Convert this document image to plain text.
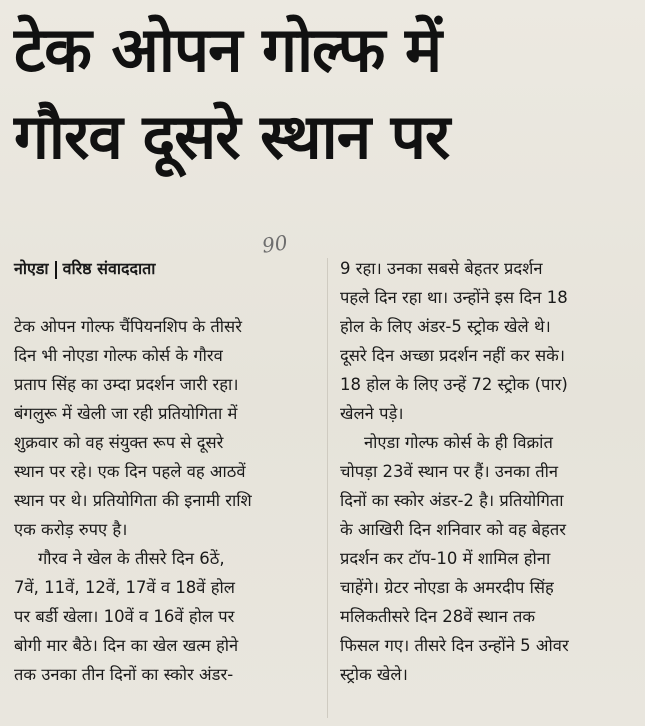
टेक ओपन गोल्फ में
गौरव दूसरे स्थान पर
90
नोएडा वरिष्ठ संवाददाता

टेक ओपन गोल्फ चैंपियनशिप के तीसरे
दिन भी नोएडा गोल्फ कोर्स के गौरव
प्रताप सिंह का उम्दा प्रदर्शन जारी रहा।
बंगलुरू में खेली जा रही प्रतियोगिता में
शुक्रवार को वह संयुक्त रूप से दूसरे
स्थान पर रहे। एक दिन पहले वह आठवें
स्थान पर थे। प्रतियोगिता की इनामी राशि
एक करोड़ रुपए है।

गौरव ने खेल के तीसरे दिन 6ठें,
7वें, 11वें, 12वें, 17वें व 18वें होल
पर बर्डी खेला। 10वें व 16वें होल पर
बोगी मार बैठे। दिन का खेल खत्म होने
तक उनका तीन दिनों का स्कोर अंडर-

9 रहा। उनका सबसे बेहतर प्रदर्शन
पहले दिन रहा था। उन्होंने इस दिन 18
होल के लिए अंडर-5 स्ट्रोक खेले थे।
दूसरे दिन अच्छा प्रदर्शन नहीं कर सके।
18 होल के लिए उन्हें 72 स्ट्रोक (पार)
खेलने पड़े।

नोएडा गोल्फ कोर्स के ही विक्रांत
चोपड़ा 23वें स्थान पर हैं। उनका तीन
दिनों का स्कोर अंडर-2 है। प्रतियोगिता
के आखिरी दिन शनिवार को वह बेहतर
प्रदर्शन कर टॉप-10 में शामिल होना
चाहेंगे। ग्रेटर नोएडा के अमरदीप सिंह
मलिकतीसरे दिन 28वें स्थान तक
फिसल गए। तीसरे दिन उन्होंने 5 ओवर
स्ट्रोक खेले।
